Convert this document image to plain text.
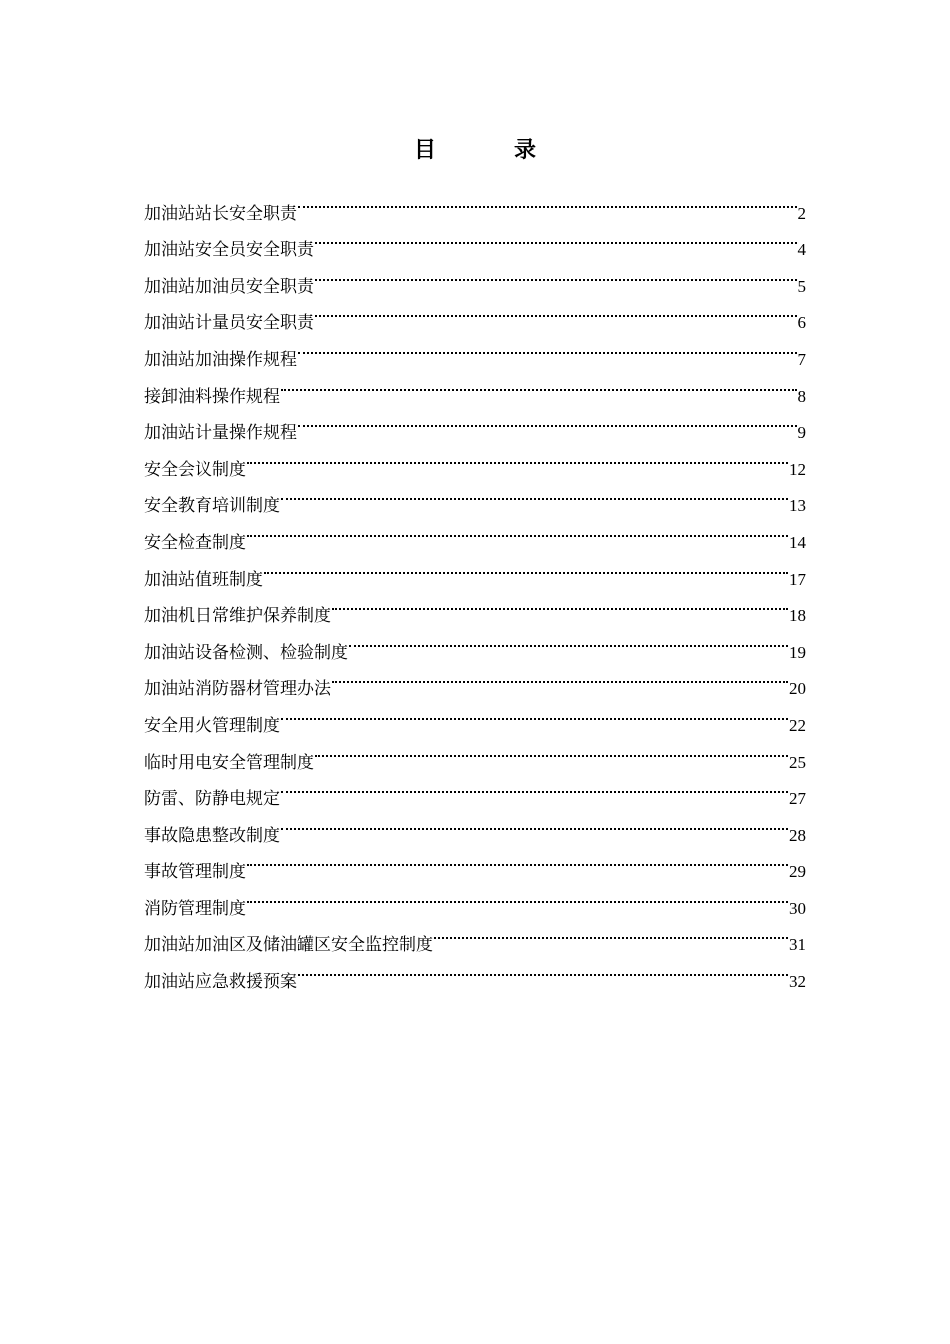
目　录
加油站站长安全职责	2
加油站安全员安全职责	4
加油站加油员安全职责	5
加油站计量员安全职责	6
加油站加油操作规程	7
接卸油料操作规程	8
加油站计量操作规程	9
安全会议制度	12
安全教育培训制度	13
安全检查制度	14
加油站值班制度	17
加油机日常维护保养制度	18
加油站设备检测、检验制度	19
加油站消防器材管理办法	20
安全用火管理制度	22
临时用电安全管理制度	25
防雷、防静电规定	27
事故隐患整改制度	28
事故管理制度	29
消防管理制度	30
加油站加油区及储油罐区安全监控制度	31
加油站应急救援预案	32
